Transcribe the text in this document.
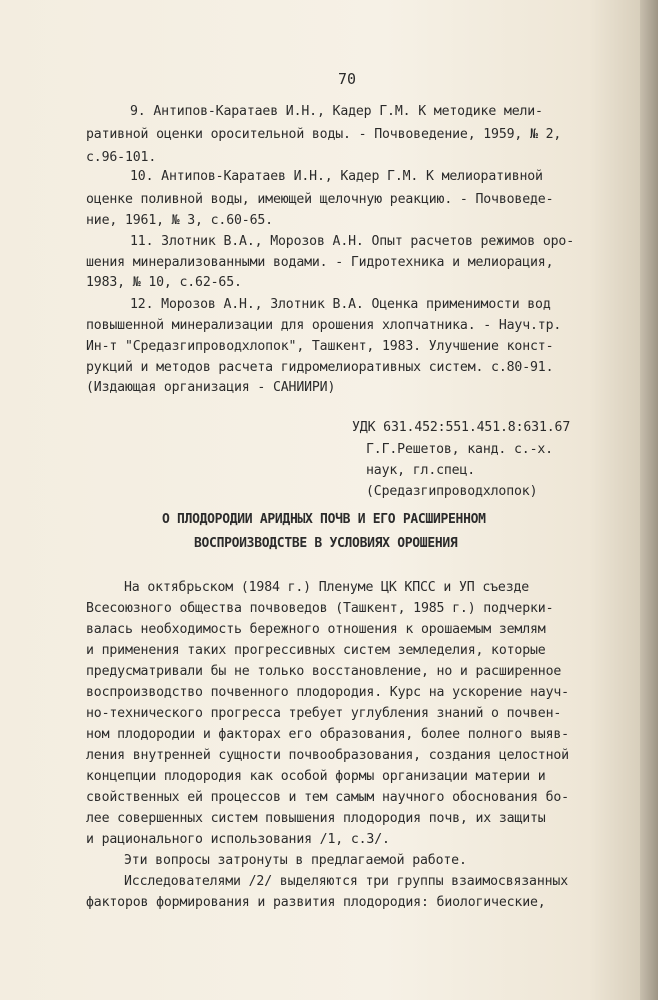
70
9. Антипов-Каратаев И.Н., Кадер Г.М. К методике мели-
ративной оценки оросительной воды. - Почвоведение, 1959, № 2,
с.96-101.
10. Антипов-Каратаев И.Н., Кадер Г.М. К мелиоративной
оценке поливной воды, имеющей щелочную реакцию. - Почвоведе-
ние, 1961, № 3, с.60-65.
11. Злотник В.А., Морозов А.Н. Опыт расчетов режимов оро-
шения минерализованными водами. - Гидротехника и мелиорация,
1983, № 10, с.62-65.
12. Морозов А.Н., Злотник В.А. Оценка применимости вод
повышенной минерализации для орошения хлопчатника. - Науч.тр.
Ин-т "Средазгипроводхлопок", Ташкент, 1983. Улучшение конст-
рукций и методов расчета гидромелиоративных систем. с.80-91.
(Издающая организация - САНИИРИ)
УДК 631.452:551.451.8:631.67
Г.Г.Решетов, канд. с.-х.
наук, гл.спец.
(Средазгипроводхлопок)
О ПЛОДОРОДИИ АРИДНЫХ ПОЧВ И ЕГО РАСШИРЕННОМ
ВОСПРОИЗВОДСТВЕ В УСЛОВИЯХ ОРОШЕНИЯ
На октябрьском (1984 г.) Пленуме ЦК КПСС и УП съезде
Всесоюзного общества почвоведов (Ташкент, 1985 г.) подчерки-
валась необходимость бережного отношения к орошаемым землям
и применения таких прогрессивных систем земледелия, которые
предусматривали бы не только восстановление, но и расширенное
воспроизводство почвенного плодородия. Курс на ускорение науч-
но-технического прогресса требует углубления знаний о почвен-
ном плодородии и факторах его образования, более полного выяв-
ления внутренней сущности почвообразования, создания целостной
концепции плодородия как особой формы организации материи и
свойственных ей процессов и тем самым научного обоснования бо-
лее совершенных систем повышения плодородия почв, их защиты
и рационального использования /1, с.3/.
Эти вопросы затронуты в предлагаемой работе.
Исследователями /2/ выделяются три группы взаимосвязанных
факторов формирования и развития плодородия: биологические,
